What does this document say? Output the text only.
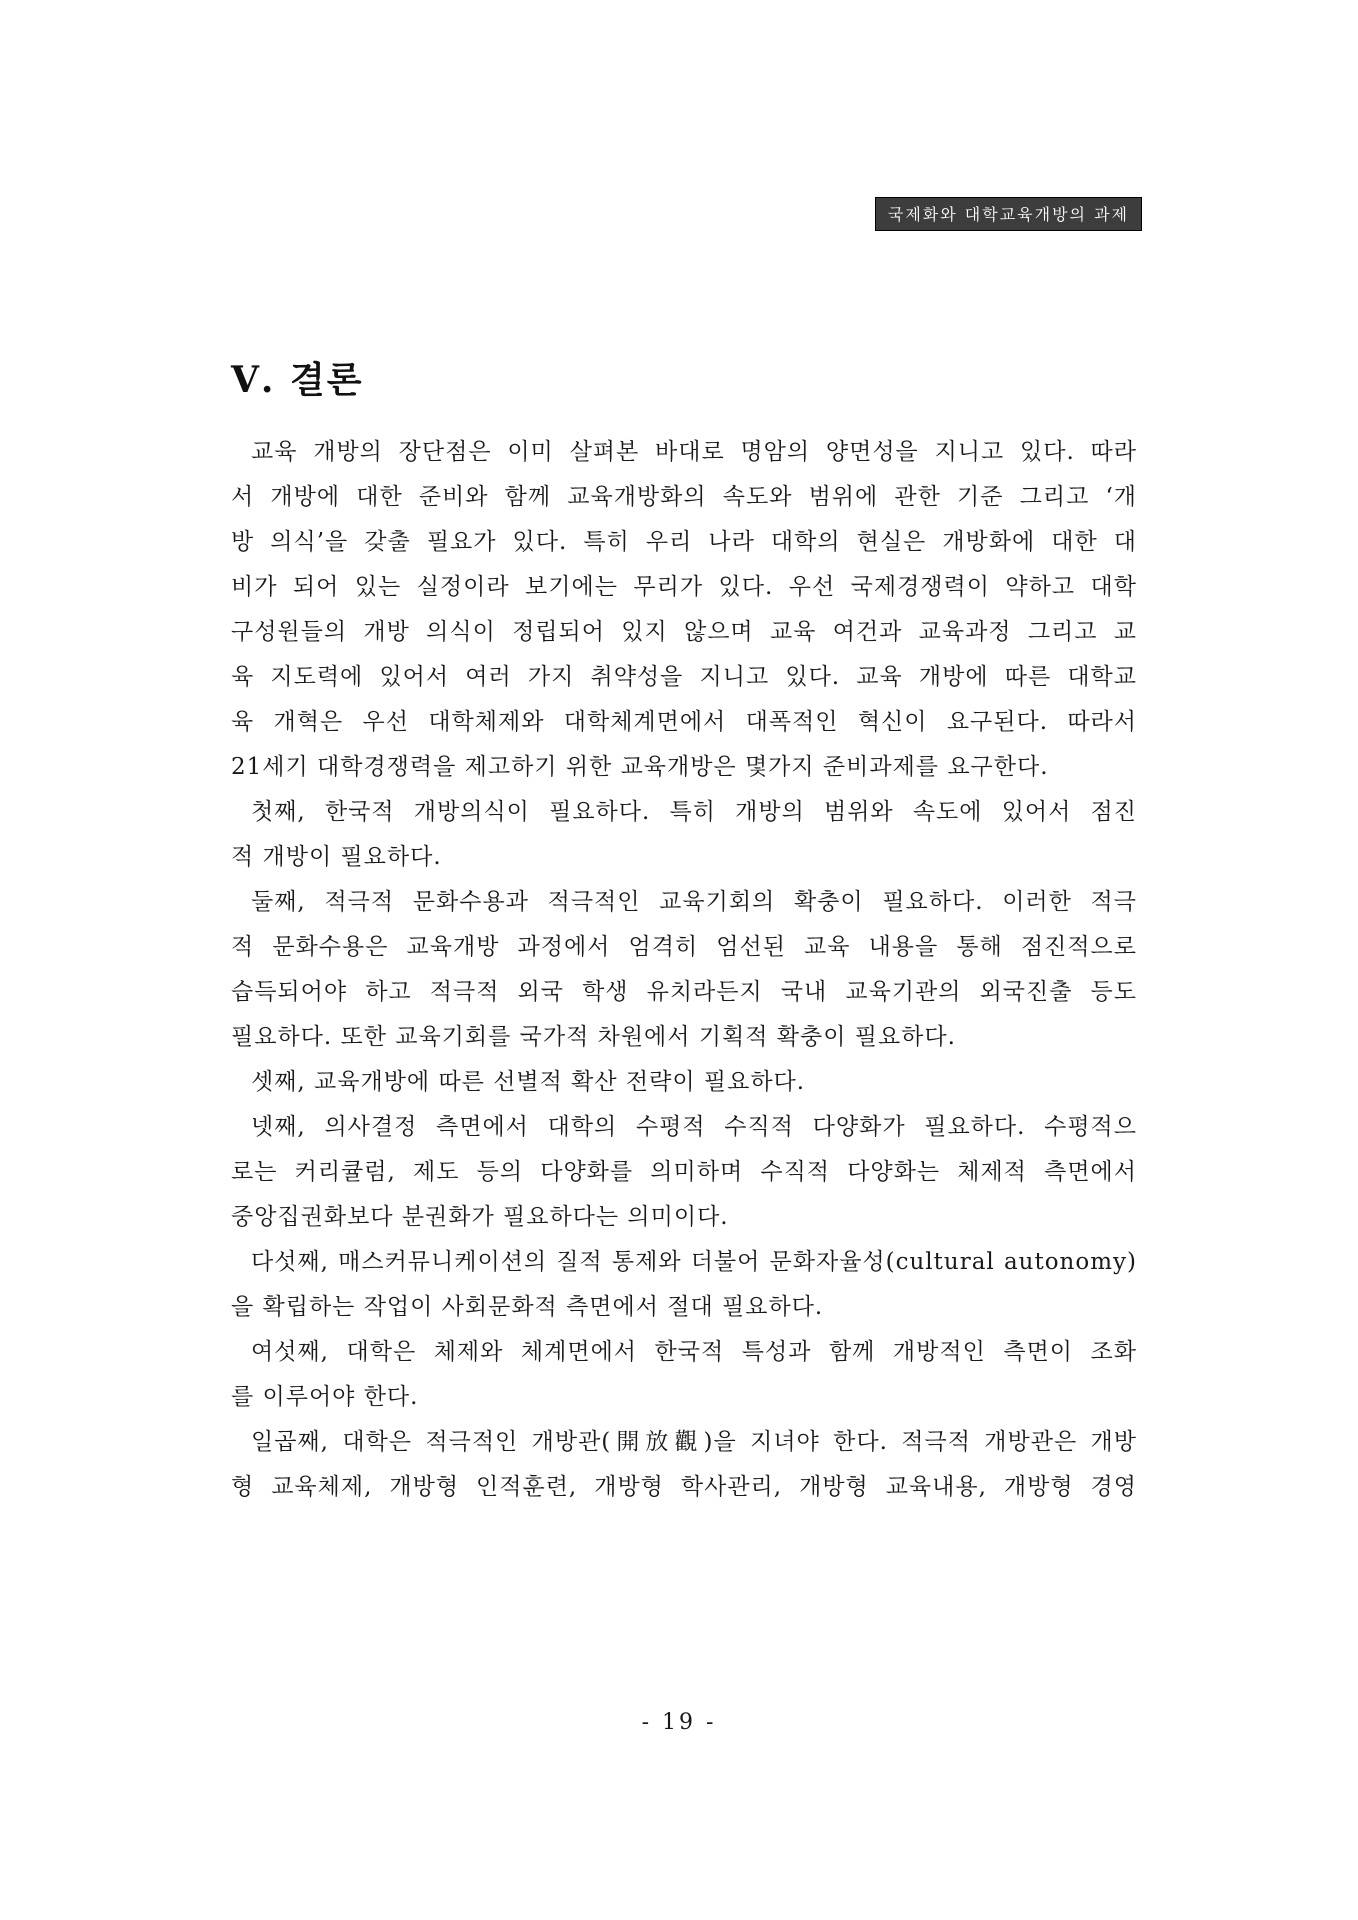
국제화와 대학교육개방의 과제
Ⅴ. 결론
교육 개방의 장단점은 이미 살펴본 바대로 명암의 양면성을 지니고 있다. 따라
서 개방에 대한 준비와 함께 교육개방화의 속도와 범위에 관한 기준 그리고 ‘개
방 의식’을 갖출 필요가 있다. 특히 우리 나라 대학의 현실은 개방화에 대한 대
비가 되어 있는 실정이라 보기에는 무리가 있다. 우선 국제경쟁력이 약하고 대학
구성원들의 개방 의식이 정립되어 있지 않으며 교육 여건과 교육과정 그리고 교
육 지도력에 있어서 여러 가지 취약성을 지니고 있다. 교육 개방에 따른 대학교
육 개혁은 우선 대학체제와 대학체계면에서 대폭적인 혁신이 요구된다. 따라서
21세기 대학경쟁력을 제고하기 위한 교육개방은 몇가지 준비과제를 요구한다.
첫째, 한국적 개방의식이 필요하다. 특히 개방의 범위와 속도에 있어서 점진
적 개방이 필요하다.
둘째, 적극적 문화수용과 적극적인 교육기회의 확충이 필요하다. 이러한 적극
적 문화수용은 교육개방 과정에서 엄격히 엄선된 교육 내용을 통해 점진적으로
습득되어야 하고 적극적 외국 학생 유치라든지 국내 교육기관의 외국진출 등도
필요하다. 또한 교육기회를 국가적 차원에서 기획적 확충이 필요하다.
셋째, 교육개방에 따른 선별적 확산 전략이 필요하다.
넷째, 의사결정 측면에서 대학의 수평적 수직적 다양화가 필요하다. 수평적으
로는 커리큘럼, 제도 등의 다양화를 의미하며 수직적 다양화는 체제적 측면에서
중앙집권화보다 분권화가 필요하다는 의미이다.
다섯째, 매스커뮤니케이션의 질적 통제와 더불어 문화자율성(cultural autonomy)
을 확립하는 작업이 사회문화적 측면에서 절대 필요하다.
여섯째, 대학은 체제와 체계면에서 한국적 특성과 함께 개방적인 측면이 조화
를 이루어야 한다.
일곱째, 대학은 적극적인 개방관(開放觀)을 지녀야 한다. 적극적 개방관은 개방
형 교육체제, 개방형 인적훈련, 개방형 학사관리, 개방형 교육내용, 개방형 경영
- 19 -
